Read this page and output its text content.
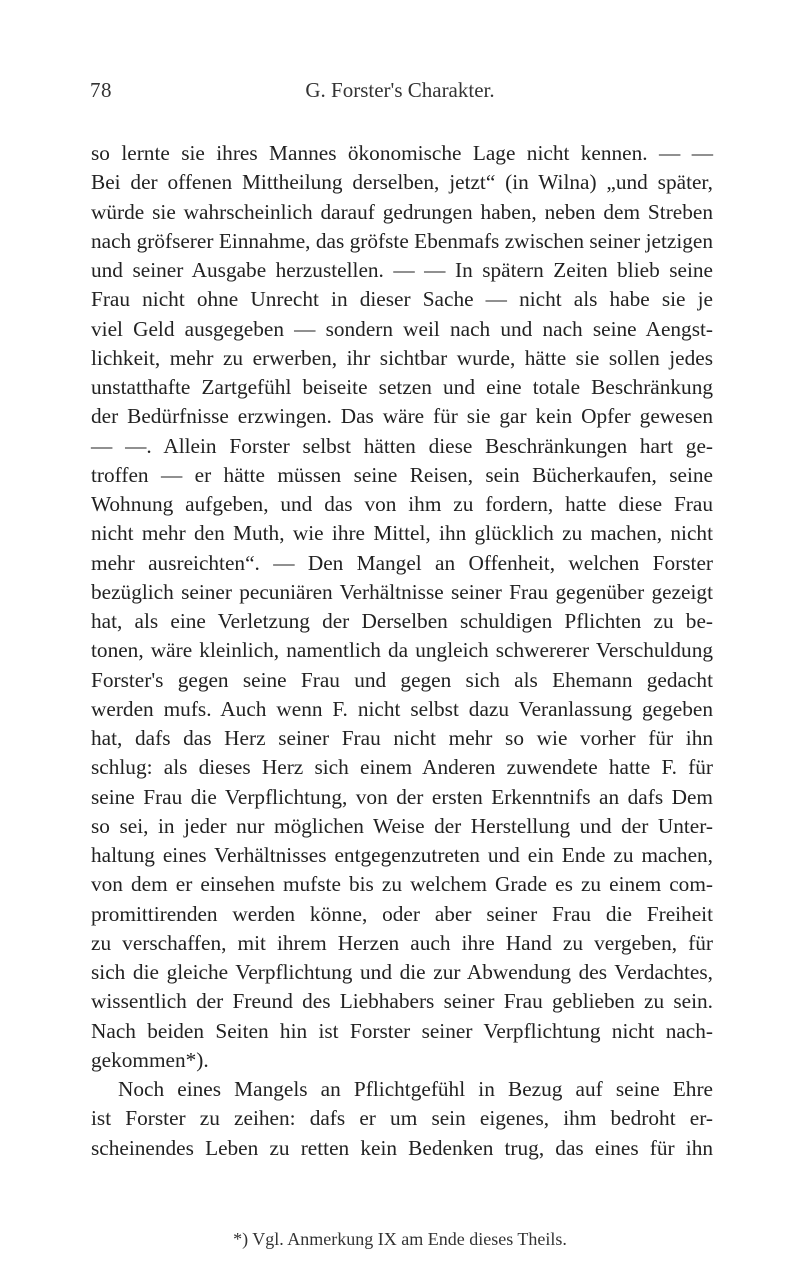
78	G. Forster's Charakter.
so lernte sie ihres Mannes ökonomische Lage nicht kennen. — —
Bei der offenen Mittheilung derselben, jetzt“ (in Wilna) „und später,
würde sie wahrscheinlich darauf gedrungen haben, neben dem Streben
nach gröfserer Einnahme, das gröfste Ebenmafs zwischen seiner jetzigen
und seiner Ausgabe herzustellen. — — In spätern Zeiten blieb seine
Frau nicht ohne Unrecht in dieser Sache — nicht als habe sie je
viel Geld ausgegeben — sondern weil nach und nach seine Aengst-
lichkeit, mehr zu erwerben, ihr sichtbar wurde, hätte sie sollen jedes
unstatthafte Zartgefühl beiseite setzen und eine totale Beschränkung
der Bedürfnisse erzwingen. Das wäre für sie gar kein Opfer gewesen
— —. Allein Forster selbst hätten diese Beschränkungen hart ge-
troffen — er hätte müssen seine Reisen, sein Bücherkaufen, seine
Wohnung aufgeben, und das von ihm zu fordern, hatte diese Frau
nicht mehr den Muth, wie ihre Mittel, ihn glücklich zu machen, nicht
mehr ausreichten“. — Den Mangel an Offenheit, welchen Forster
bezüglich seiner pecuniären Verhältnisse seiner Frau gegenüber gezeigt
hat, als eine Verletzung der Derselben schuldigen Pflichten zu be-
tonen, wäre kleinlich, namentlich da ungleich schwererer Verschuldung
Forster's gegen seine Frau und gegen sich als Ehemann gedacht
werden mufs. Auch wenn F. nicht selbst dazu Veranlassung gegeben
hat, dafs das Herz seiner Frau nicht mehr so wie vorher für ihn
schlug: als dieses Herz sich einem Anderen zuwendete hatte F. für
seine Frau die Verpflichtung, von der ersten Erkenntnifs an dafs Dem
so sei, in jeder nur möglichen Weise der Herstellung und der Unter-
haltung eines Verhältnisses entgegenzutreten und ein Ende zu machen,
von dem er einsehen mufste bis zu welchem Grade es zu einem com-
promittirenden werden könne, oder aber seiner Frau die Freiheit
zu verschaffen, mit ihrem Herzen auch ihre Hand zu vergeben, für
sich die gleiche Verpflichtung und die zur Abwendung des Verdachtes,
wissentlich der Freund des Liebhabers seiner Frau geblieben zu sein.
Nach beiden Seiten hin ist Forster seiner Verpflichtung nicht nach-
gekommen*).
Noch eines Mangels an Pflichtgefühl in Bezug auf seine Ehre
ist Forster zu zeihen: dafs er um sein eigenes, ihm bedroht er-
scheinendes Leben zu retten kein Bedenken trug, das eines für ihn
*) Vgl. Anmerkung IX am Ende dieses Theils.
